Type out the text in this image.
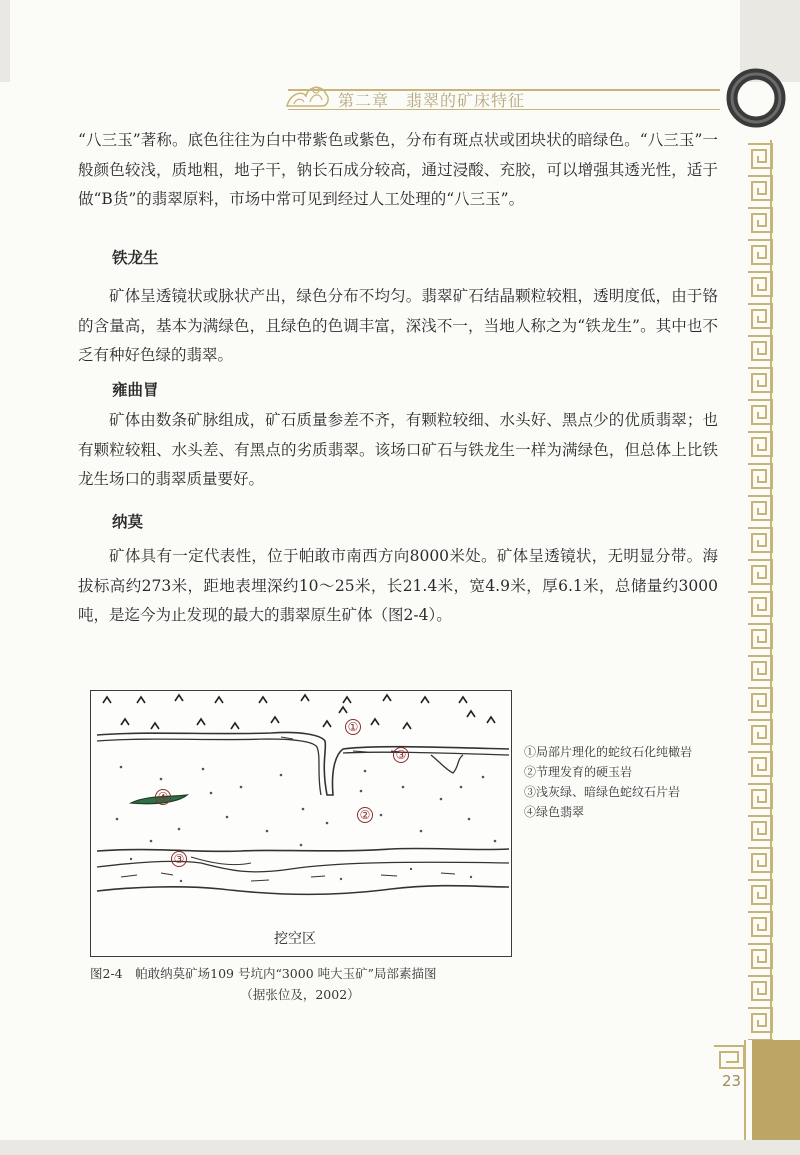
第二章　翡翠的矿床特征

“八三玉”著称。底色往往为白中带紫色或紫色，分布有斑点状或团块状的暗绿色。“八三玉”一般颜色较浅，质地粗，地子干，钠长石成分较高，通过浸酸、充胶，可以增强其透光性，适于做“B货”的翡翠原料，市场中常可见到经过人工处理的“八三玉”。

铁龙生

矿体呈透镜状或脉状产出，绿色分布不均匀。翡翠矿石结晶颗粒较粗，透明度低，由于铬的含量高，基本为满绿色，且绿色的色调丰富，深浅不一，当地人称之为“铁龙生”。其中也不乏有种好色绿的翡翠。

雍曲冒

矿体由数条矿脉组成，矿石质量参差不齐，有颗粒较细、水头好、黑点少的优质翡翠；也有颗粒较粗、水头差、有黑点的劣质翡翠。该场口矿石与铁龙生一样为满绿色，但总体上比铁龙生场口的翡翠质量要好。

纳莫

矿体具有一定代表性，位于帕敢市南西方向8000米处。矿体呈透镜状，无明显分带。海拔标高约273米，距地表埋深约10～25米，长21.4米，宽4.9米，厚6.1米，总储量约3000吨，是迄今为止发现的最大的翡翠原生矿体（图2-4）。

①
③
④
②
③
挖空区
①局部片理化的蛇纹石化纯橄岩
②节理发育的硬玉岩
③浅灰绿、暗绿色蛇纹石片岩
④绿色翡翠
图2-4　帕敢纳莫矿场109 号坑内“3000 吨大玉矿”局部素描图
（据张位及，2002）
23
